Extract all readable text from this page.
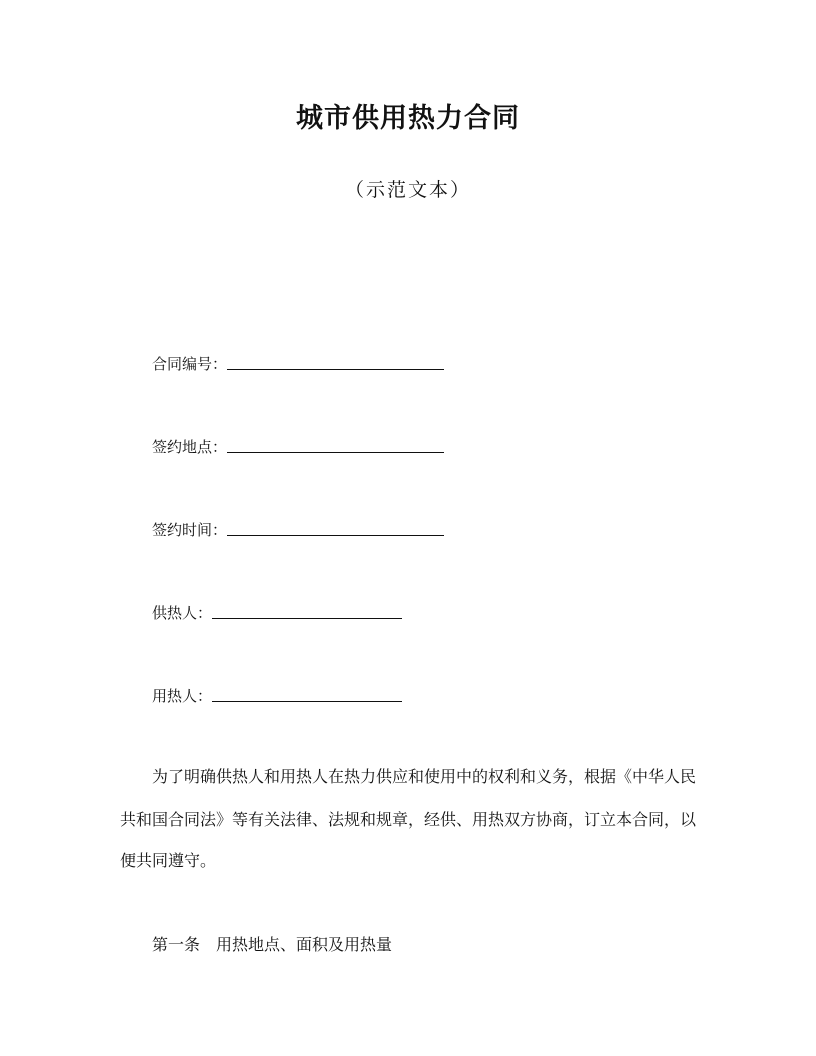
城市供用热力合同
（示范文本）
合同编号：
签约地点：
签约时间：
供热人：
用热人：
为了明确供热人和用热人在热力供应和使用中的权利和义务，根据《中华人民
共和国合同法》等有关法律、法规和规章，经供、用热双方协商，订立本合同，以
便共同遵守。
第一条 用热地点、面积及用热量
